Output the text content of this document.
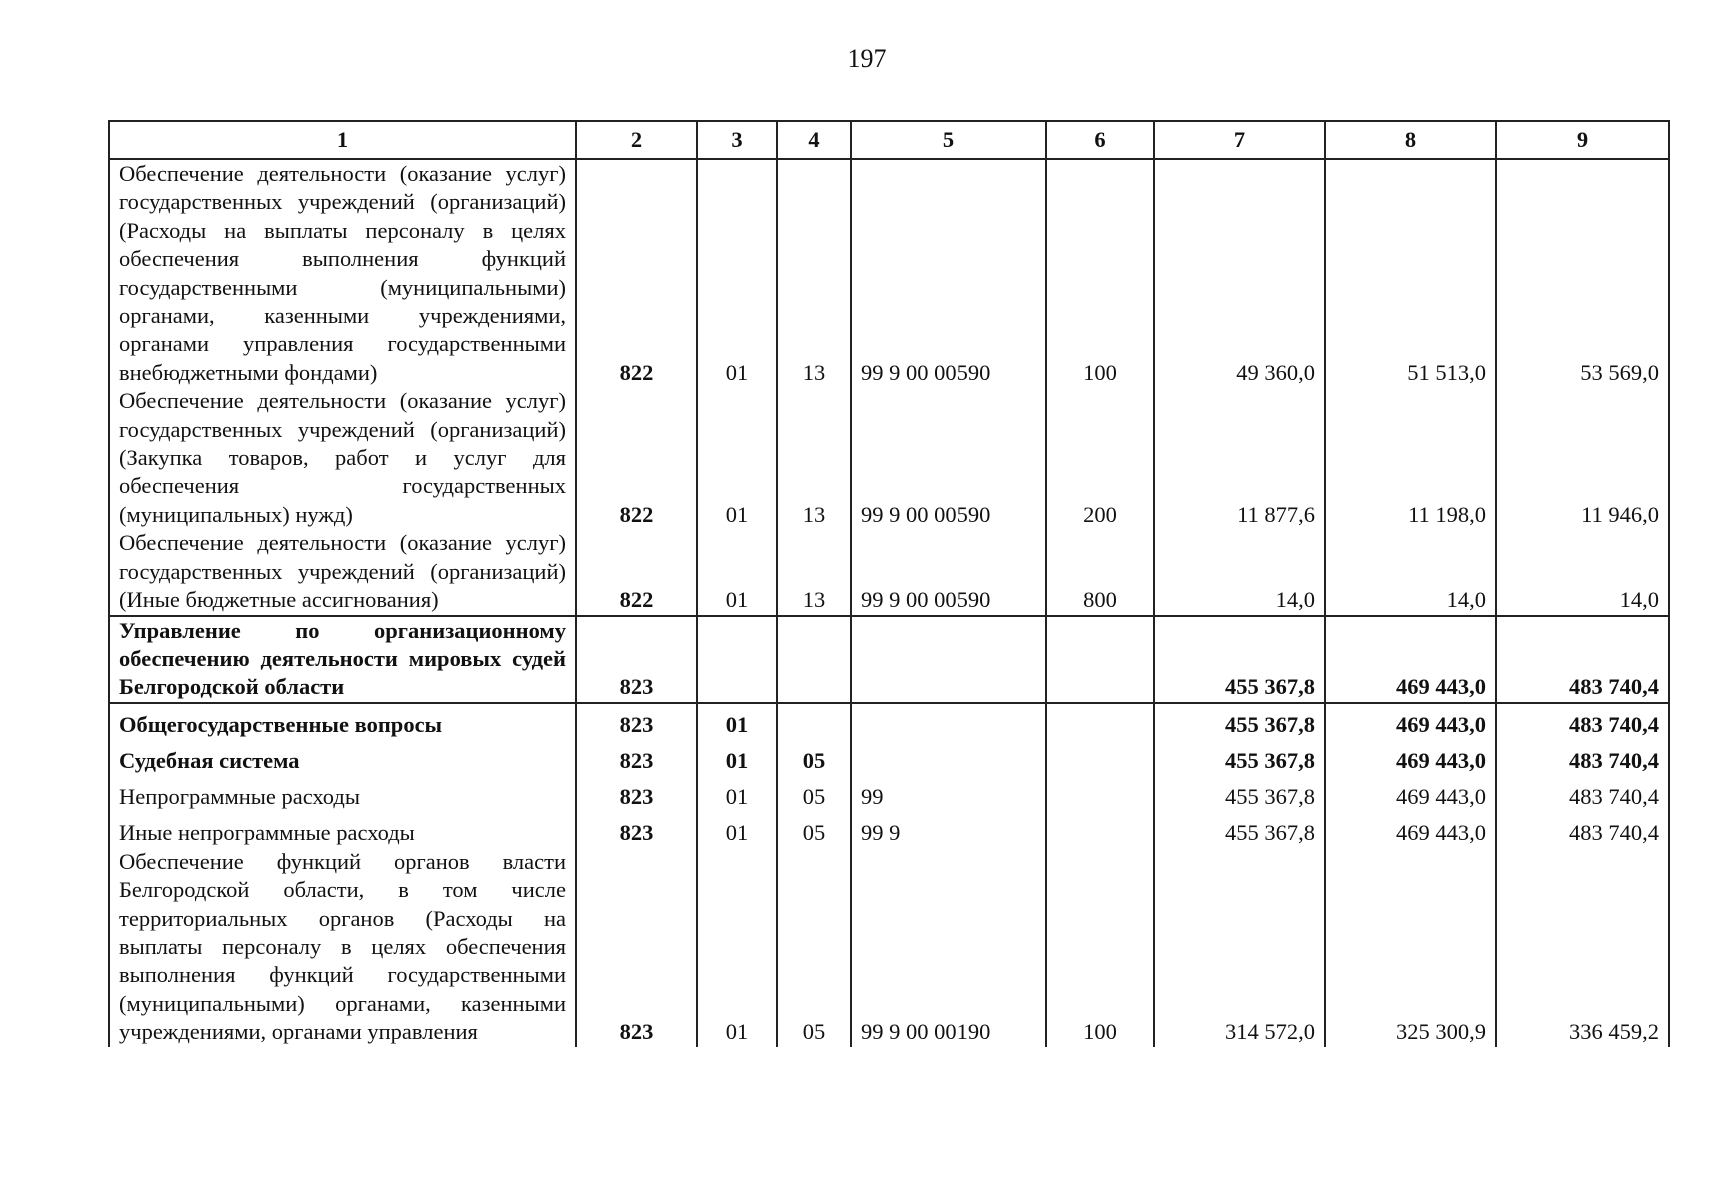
197
1	2	3	4	5	6	7	8	9
Обеспечение деятельности (оказание услуг) государственных учреждений (организаций) (Расходы на выплаты персоналу в целях обеспечения выполнения функций государственными (муниципальными) органами, казенными учреждениями, органами управления государственными внебюджетными фондами)	822	01	13	99 9 00 00590	100	49 360,0	51 513,0	53 569,0
Обеспечение деятельности (оказание услуг) государственных учреждений (организаций) (Закупка товаров, работ и услуг для обеспечения государственных (муниципальных) нужд)	822	01	13	99 9 00 00590	200	11 877,6	11 198,0	11 946,0
Обеспечение деятельности (оказание услуг) государственных учреждений (организаций) (Иные бюджетные ассигнования)	822	01	13	99 9 00 00590	800	14,0	14,0	14,0
Управление по организационному обеспечению деятельности мировых судей Белгородской области	823					455 367,8	469 443,0	483 740,4
Общегосударственные вопросы	823	01				455 367,8	469 443,0	483 740,4
Судебная система	823	01	05			455 367,8	469 443,0	483 740,4
Непрограммные расходы	823	01	05	99		455 367,8	469 443,0	483 740,4
Иные непрограммные расходы	823	01	05	99 9		455 367,8	469 443,0	483 740,4
Обеспечение функций органов власти Белгородской области, в том числе территориальных органов (Расходы на выплаты персоналу в целях обеспечения выполнения функций государственными (муниципальными) органами, казенными учреждениями, органами управления	823	01	05	99 9 00 00190	100	314 572,0	325 300,9	336 459,2
